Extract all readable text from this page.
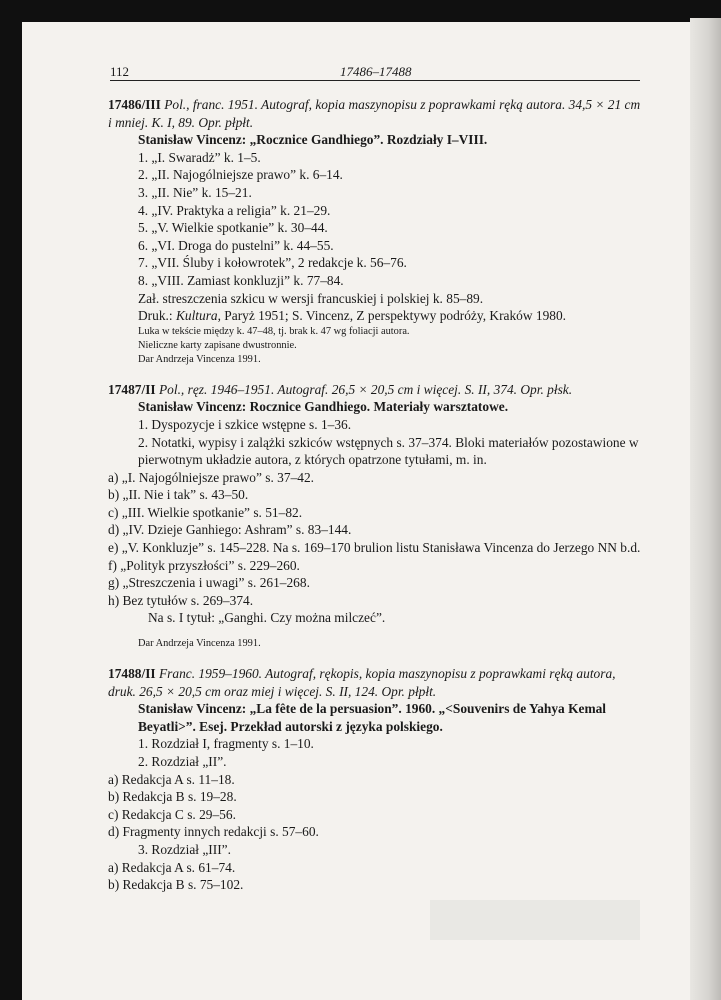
112	17486–17488

17486/III Pol., franc. 1951. Autograf, kopia maszynopisu z poprawkami ręką autora. 34,5 × 21 cm i mniej. K. I, 89. Opr. płpłt.

Stanisław Vincenz: „Rocznice Gandhiego”. Rozdziały I–VIII.

1. „I. Swaradż” k. 1–5.

2. „II. Najogólniejsze prawo” k. 6–14.

3. „II. Nie” k. 15–21.

4. „IV. Praktyka a religia” k. 21–29.

5. „V. Wielkie spotkanie” k. 30–44.

6. „VI. Droga do pustelni” k. 44–55.

7. „VII. Śluby i kołowrotek”, 2 redakcje k. 56–76.

8. „VIII. Zamiast konkluzji” k. 77–84.

Zał. streszczenia szkicu w wersji francuskiej i polskiej k. 85–89.

Druk.: Kultura, Paryż 1951; S. Vincenz, Z perspektywy podróży, Kraków 1980.

Luka w tekście między k. 47–48, tj. brak k. 47 wg foliacji autora.

Nieliczne karty zapisane dwustronnie.

Dar Andrzeja Vincenza 1991.

17487/II Pol., ręz. 1946–1951. Autograf. 26,5 × 20,5 cm i więcej. S. II, 374. Opr. płsk.

Stanisław Vincenz: Rocznice Gandhiego. Materiały warsztatowe.

1. Dyspozycje i szkice wstępne s. 1–36.

2. Notatki, wypisy i zalążki szkiców wstępnych s. 37–374. Bloki materiałów pozostawione w pierwotnym układzie autora, z których opatrzone tytułami, m. in.

a) „I. Najogólniejsze prawo” s. 37–42.

b) „II. Nie i tak” s. 43–50.

c) „III. Wielkie spotkanie” s. 51–82.

d) „IV. Dzieje Ganhiego: Ashram” s. 83–144.

e) „V. Konkluzje” s. 145–228. Na s. 169–170 brulion listu Stanisława Vincenza do Jerzego NN b.d.

f) „Polityk przyszłości” s. 229–260.

g) „Streszczenia i uwagi” s. 261–268.

h) Bez tytułów s. 269–374.

Na s. I tytuł: „Ganghi. Czy można milczeć”.

Dar Andrzeja Vincenza 1991.

17488/II Franc. 1959–1960. Autograf, rękopis, kopia maszynopisu z poprawkami ręką autora, druk. 26,5 × 20,5 cm oraz miej i więcej. S. II, 124. Opr. płpłt.

Stanisław Vincenz: „La fête de la persuasion”. 1960. „<Souvenirs de Yahya Kemal Beyatli>”. Esej. Przekład autorski z języka polskiego.

1. Rozdział I, fragmenty s. 1–10.

2. Rozdział „II”.

a) Redakcja A s. 11–18.

b) Redakcja B s. 19–28.

c) Redakcja C s. 29–56.

d) Fragmenty innych redakcji s. 57–60.

3. Rozdział „III”.

a) Redakcja A s. 61–74.

b) Redakcja B s. 75–102.
